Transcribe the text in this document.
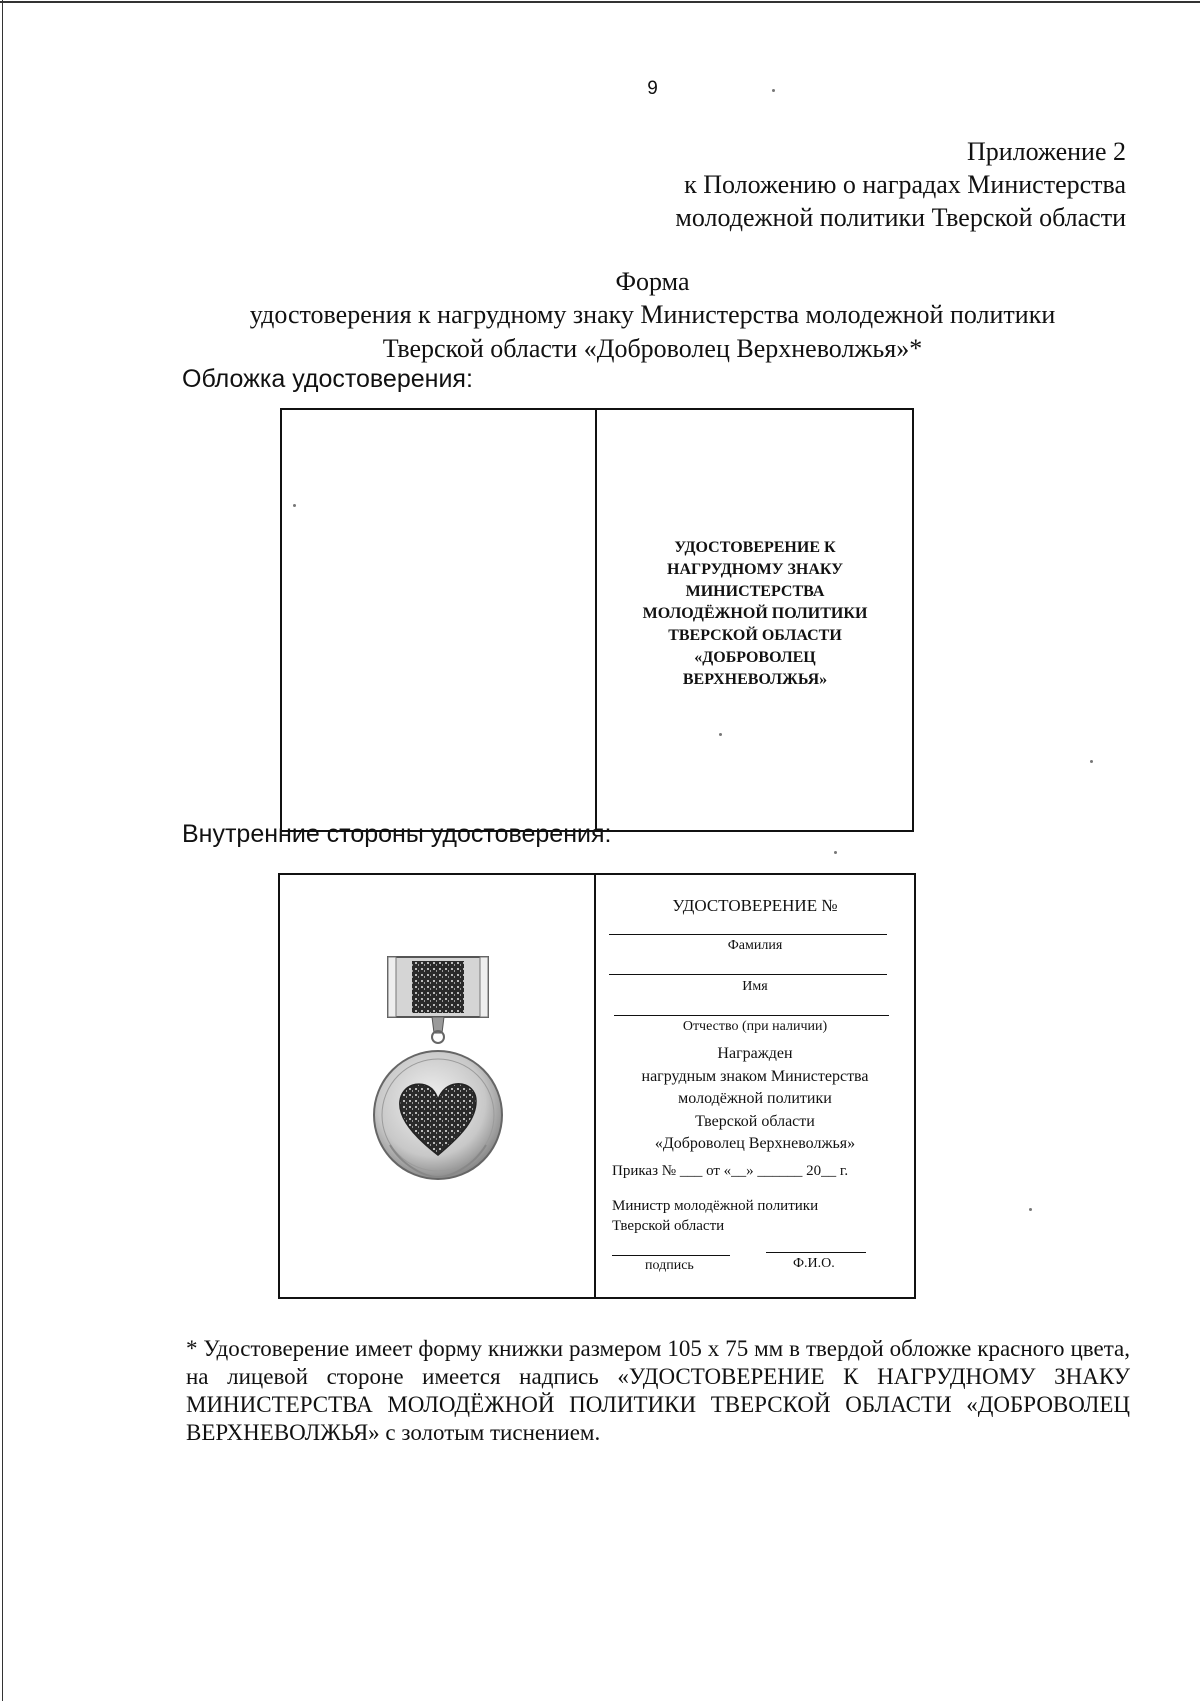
9
Приложение 2
к Положению о наградах Министерства
молодежной политики Тверской области
Форма
удостоверения к нагрудному знаку Министерства молодежной политики
Тверской области «Доброволец Верхневолжья»*
Обложка удостоверения:
УДОСТОВЕРЕНИЕ К
НАГРУДНОМУ ЗНАКУ
МИНИСТЕРСТВА
МОЛОДЁЖНОЙ ПОЛИТИКИ
ТВЕРСКОЙ ОБЛАСТИ
«ДОБРОВОЛЕЦ
ВЕРХНЕВОЛЖЬЯ»
Внутренние стороны удостоверения:
УДОСТОВЕРЕНИЕ №
Фамилия
Имя
Отчество (при наличии)
Награжден
нагрудным знаком Министерства
молодёжной политики
Тверской области
«Доброволец Верхневолжья»
Приказ № ___ от «__» ______ 20__ г.
Министр молодёжной политики
Тверской области
подпись	Ф.И.О.
* Удостоверение имеет форму книжки размером 105 х 75 мм в твердой обложке красного цвета, на лицевой стороне имеется надпись «УДОСТОВЕРЕНИЕ К НАГРУДНОМУ ЗНАКУ МИНИСТЕРСТВА МОЛОДЁЖНОЙ ПОЛИТИКИ ТВЕРСКОЙ ОБЛАСТИ «ДОБРОВОЛЕЦ ВЕРХНЕВОЛЖЬЯ» с золотым тиснением.
